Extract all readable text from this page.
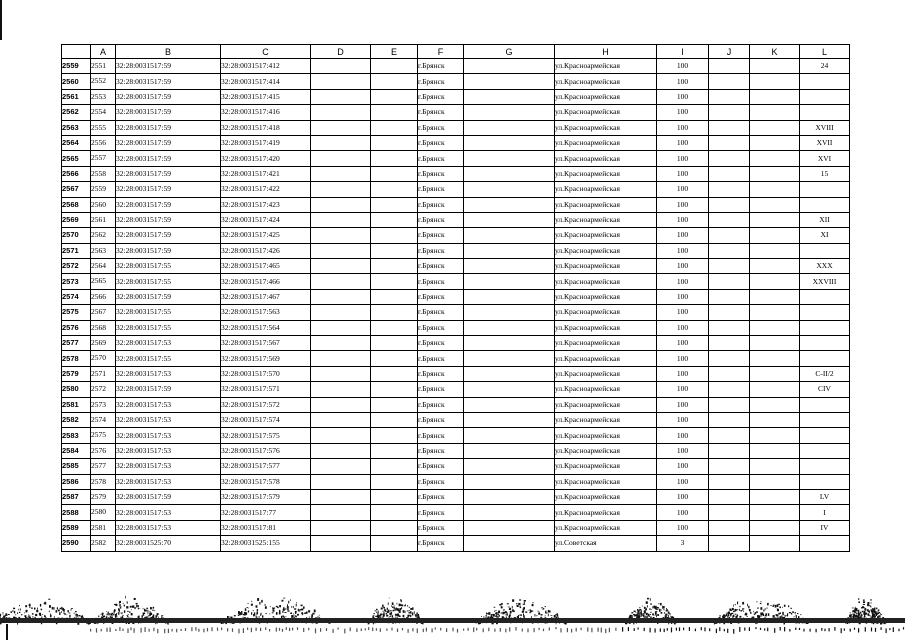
	A	B	C	D	E	F	G	H	I	J	K	L
2559	2551	32:28:0031517:59	32:28:0031517:412			г.Брянск		ул.Красноармейская	100			24
2560	2552	32:28:0031517:59	32:28:0031517:414			г.Брянск		ул.Красноармейская	100			
2561	2553	32:28:0031517:59	32:28:0031517:415			г.Брянск		ул.Красноармейская	100			
2562	2554	32:28:0031517:59	32:28:0031517:416			г.Брянск		ул.Красноармейская	100			
2563	2555	32:28:0031517:59	32:28:0031517:418			г.Брянск		ул.Красноармейская	100			XVIII
2564	2556	32:28:0031517:59	32:28:0031517:419			г.Брянск		ул.Красноармейская	100			XVII
2565	2557	32:28:0031517:59	32:28:0031517:420			г.Брянск		ул.Красноармейская	100			XVI
2566	2558	32:28:0031517:59	32:28:0031517:421			г.Брянск		ул.Красноармейская	100			15
2567	2559	32:28:0031517:59	32:28:0031517:422			г.Брянск		ул.Красноармейская	100			
2568	2560	32:28:0031517:59	32:28:0031517:423			г.Брянск		ул.Красноармейская	100			
2569	2561	32:28:0031517:59	32:28:0031517:424			г.Брянск		ул.Красноармейская	100			XII
2570	2562	32:28:0031517:59	32:28:0031517:425			г.Брянск		ул.Красноармейская	100			XI
2571	2563	32:28:0031517:59	32:28:0031517:426			г.Брянск		ул.Красноармейская	100			
2572	2564	32:28:0031517:55	32:28:0031517:465			г.Брянск		ул.Красноармейская	100			XXX
2573	2565	32:28:0031517:55	32:28:0031517:466			г.Брянск		ул.Красноармейская	100			XXVIII
2574	2566	32:28:0031517:59	32:28:0031517:467			г.Брянск		ул.Красноармейская	100			
2575	2567	32:28:0031517:55	32:28:0031517:563			г.Брянск		ул.Красноармейская	100			
2576	2568	32:28:0031517:55	32:28:0031517:564			г.Брянск		ул.Красноармейская	100			
2577	2569	32:28:0031517:53	32:28:0031517:567			г.Брянск		ул.Красноармейская	100			
2578	2570	32:28:0031517:55	32:28:0031517:569			г.Брянск		ул.Красноармейская	100			
2579	2571	32:28:0031517:53	32:28:0031517:570			г.Брянск		ул.Красноармейская	100			C-II/2
2580	2572	32:28:0031517:59	32:28:0031517:571			г.Брянск		ул.Красноармейская	100			CIV
2581	2573	32:28:0031517:53	32:28:0031517:572			г.Брянск		ул.Красноармейская	100			
2582	2574	32:28:0031517:53	32:28:0031517:574			г.Брянск		ул.Красноармейская	100			
2583	2575	32:28:0031517:53	32:28:0031517:575			г.Брянск		ул.Красноармейская	100			
2584	2576	32:28:0031517:53	32:28:0031517:576			г.Брянск		ул.Красноармейская	100			
2585	2577	32:28:0031517:53	32:28:0031517:577			г.Брянск		ул.Красноармейская	100			
2586	2578	32:28:0031517:53	32:28:0031517:578			г.Брянск		ул.Красноармейская	100			
2587	2579	32:28:0031517:59	32:28:0031517:579			г.Брянск		ул.Красноармейская	100			LV
2588	2580	32:28:0031517:53	32:28:0031517:77			г.Брянск		ул.Красноармейская	100			I
2589	2581	32:28:0031517:53	32:28:0031517:81			г.Брянск		ул.Красноармейская	100			IV
2590	2582	32:28:0031525:70	32:28:0031525:155			г.Брянск		ул.Советская	3			
